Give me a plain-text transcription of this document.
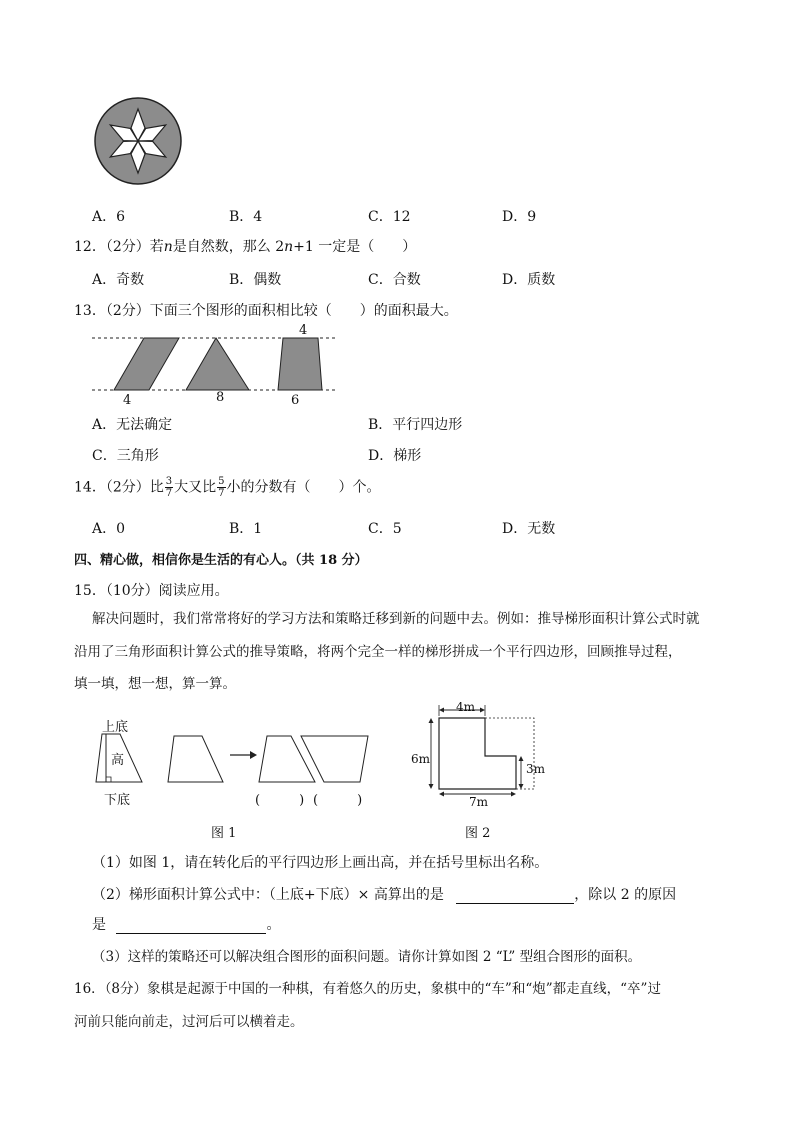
A．6	B．4	C．12	D．9
12．（2分）若n是自然数，那么 2n+1 一定是（　　）
A．奇数	B．偶数	C．合数	D．质数
13．（2分）下面三个图形的面积相比较（　　）的面积最大。
4
4	8	6
A．无法确定	B．平行四边形
C．三角形	D．梯形
14．（2分）比 $\frac{3}{7}$ 大又比 $\frac{5}{7}$ 小的分数有（　　）个。
A．0	B．1	C．5	D．无数
四、精心做，相信你是生活的有心人。（共 18 分）
15．（10分）阅读应用。
解决问题时，我们常常将好的学习方法和策略迁移到新的问题中去。例如：推导梯形面积计算公式时就
沿用了三角形面积计算公式的推导策略，将两个完全一样的梯形拼成一个平行四边形，回顾推导过程，
填一填，想一想，算一算。
上底
高
下底	(　　　) (　　　)
图 1
4m
6m
3m
7m
图 2
（1）如图 1，请在转化后的平行四边形上画出高，并在括号里标出名称。
（2）梯形面积计算公式中：（上底+下底）× 高算出的是	，除以 2 的原因
是	。
（3）这样的策略还可以解决组合图形的面积问题。请你计算如图 2 “L” 型组合图形的面积。
16．（8分）象棋是起源于中国的一种棋，有着悠久的历史，象棋中的“车”和“炮”都走直线，“卒”过
河前只能向前走，过河后可以横着走。
